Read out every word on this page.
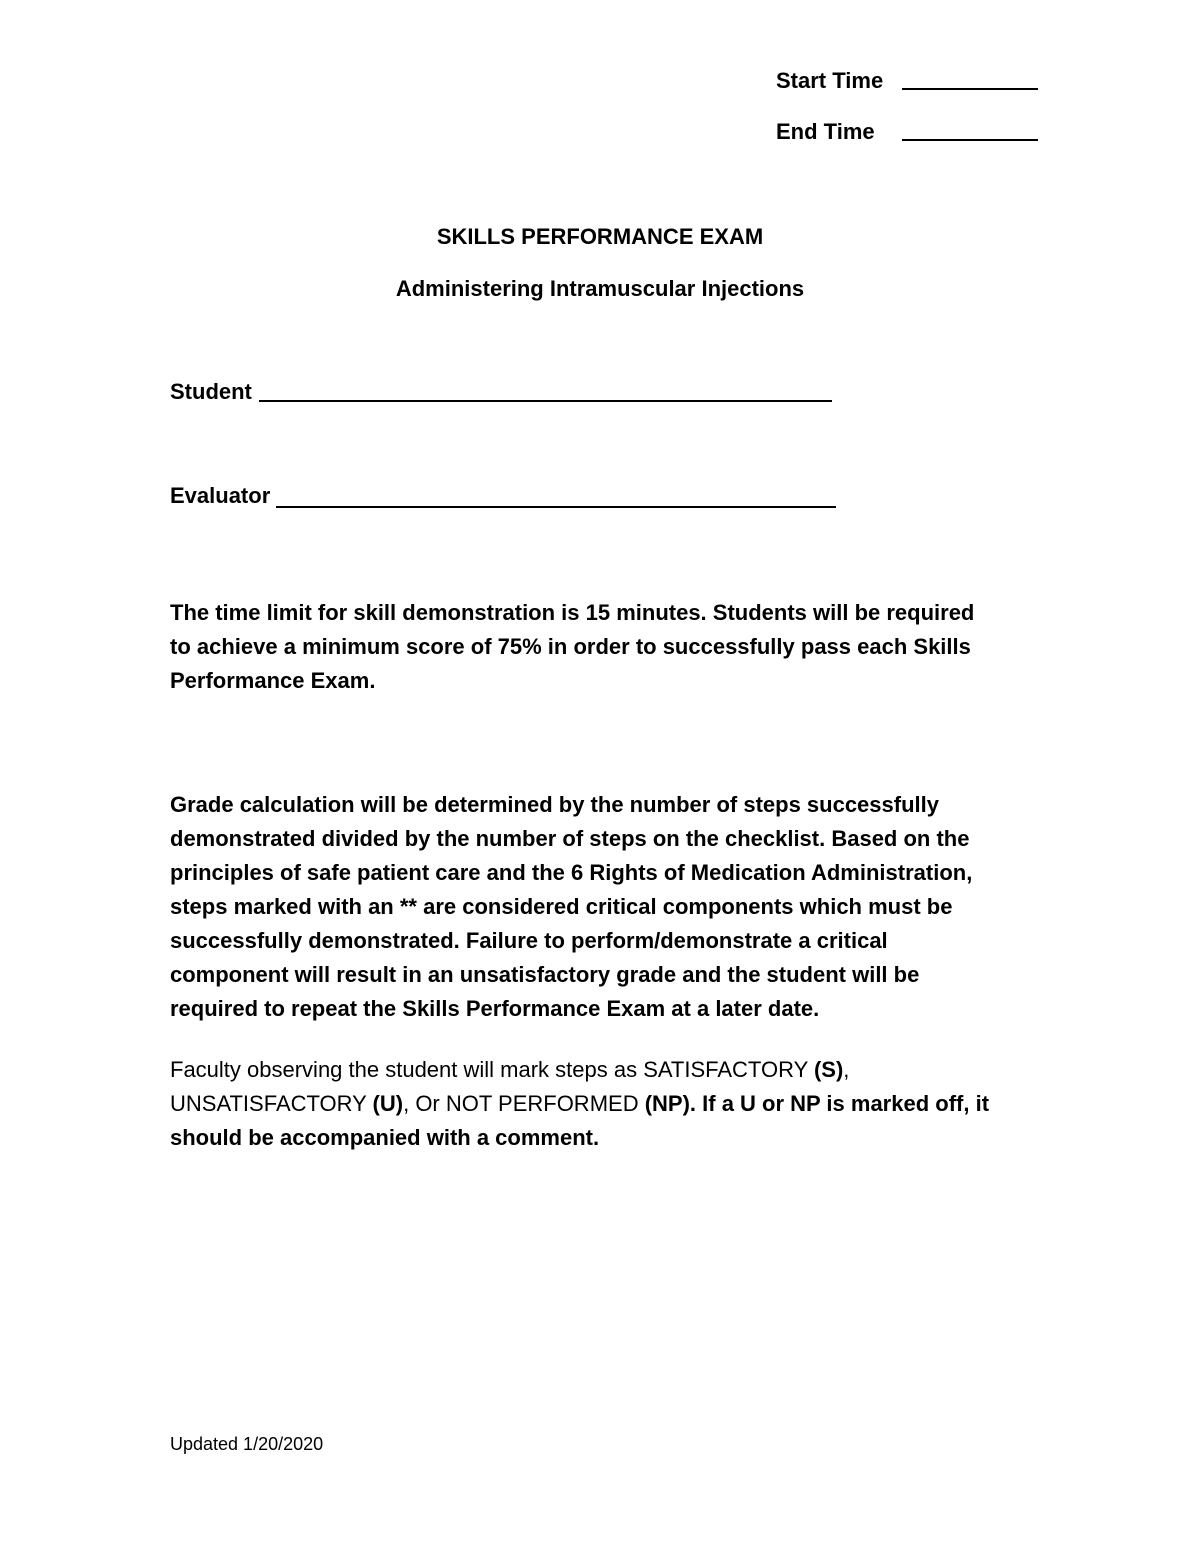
Start Time
End Time
SKILLS PERFORMANCE EXAM
Administering Intramuscular Injections
Student
Evaluator
The time limit for skill demonstration is 15 minutes. Students will be required
to achieve a minimum score of 75% in order to successfully pass each Skills
Performance Exam.
Grade calculation will be determined by the number of steps successfully
demonstrated divided by the number of steps on the checklist. Based on the
principles of safe patient care and the 6 Rights of Medication Administration,
steps marked with an ** are considered critical components which must be
successfully demonstrated. Failure to perform/demonstrate a critical
component will result in an unsatisfactory grade and the student will be
required to repeat the Skills Performance Exam at a later date.
Faculty observing the student will mark steps as SATISFACTORY (S),
UNSATISFACTORY (U), Or NOT PERFORMED (NP). If a U or NP is marked off, it
should be accompanied with a comment.
Updated 1/20/2020
